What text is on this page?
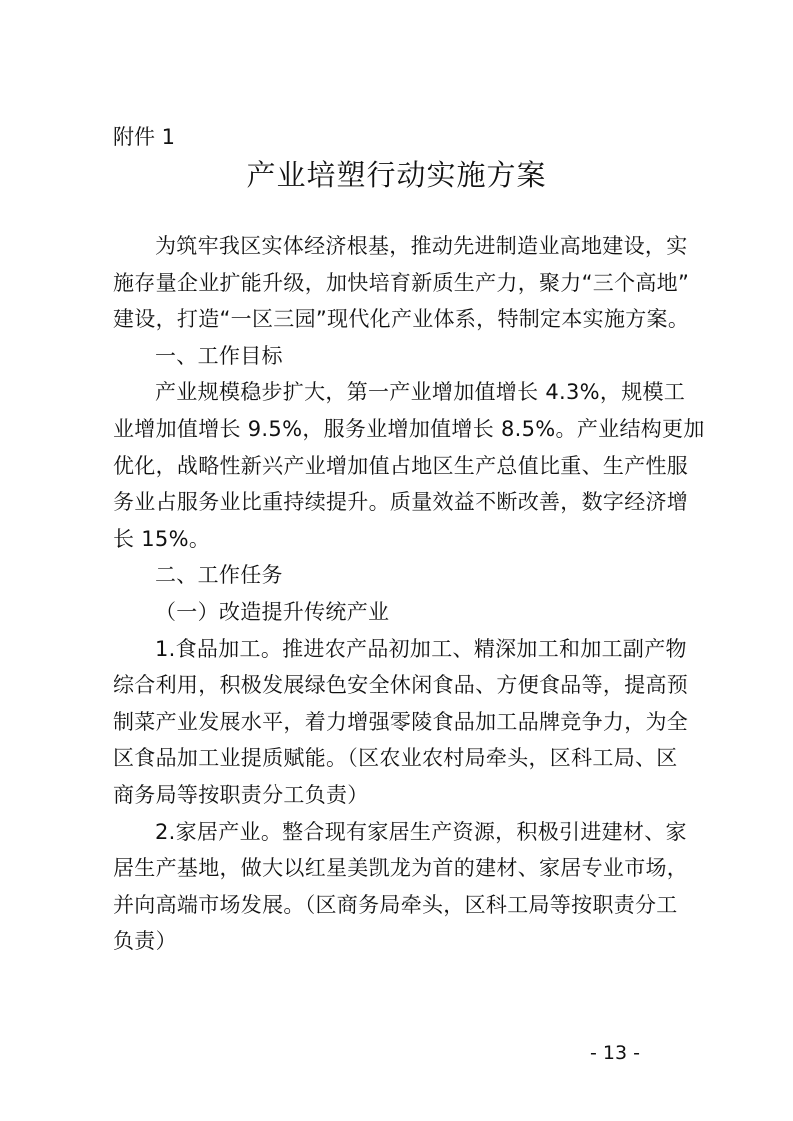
附件 1
产业培塑行动实施方案
为筑牢我区实体经济根基，推动先进制造业高地建设，实
施存量企业扩能升级，加快培育新质生产力，聚力“三个高地”
建设，打造“一区三园”现代化产业体系，特制定本实施方案。
一、工作目标
产业规模稳步扩大，第一产业增加值增长 4.3%，规模工
业增加值增长 9.5%，服务业增加值增长 8.5%。产业结构更加
优化，战略性新兴产业增加值占地区生产总值比重、生产性服
务业占服务业比重持续提升。质量效益不断改善，数字经济增
长 15%。
二、工作任务
（一）改造提升传统产业
1.食品加工。推进农产品初加工、精深加工和加工副产物
综合利用，积极发展绿色安全休闲食品、方便食品等，提高预
制菜产业发展水平，着力增强零陵食品加工品牌竞争力，为全
区食品加工业提质赋能。（区农业农村局牵头，区科工局、区
商务局等按职责分工负责）
2.家居产业。整合现有家居生产资源，积极引进建材、家
居生产基地，做大以红星美凯龙为首的建材、家居专业市场，
并向高端市场发展。（区商务局牵头，区科工局等按职责分工
负责）
- 13 -
